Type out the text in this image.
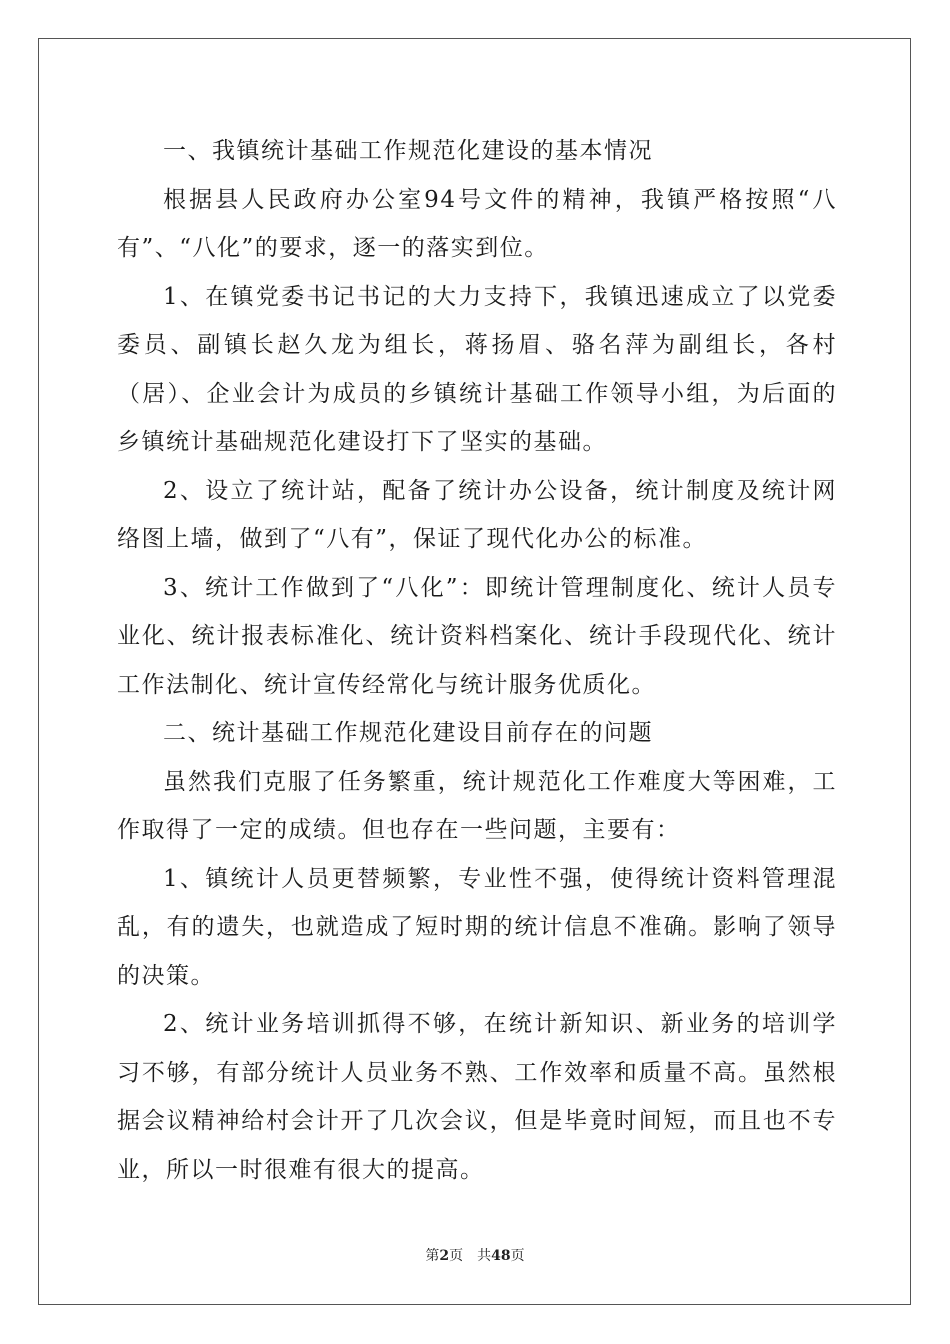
一、我镇统计基础工作规范化建设的基本情况

根据县人民政府办公室94号文件的精神，我镇严格按照“八有”、“八化”的要求，逐一的落实到位。

1、在镇党委书记书记的大力支持下，我镇迅速成立了以党委委员、副镇长赵久龙为组长，蒋扬眉、骆名萍为副组长，各村（居）、企业会计为成员的乡镇统计基础工作领导小组，为后面的乡镇统计基础规范化建设打下了坚实的基础。

2、设立了统计站，配备了统计办公设备，统计制度及统计网络图上墙，做到了“八有”，保证了现代化办公的标准。

3、统计工作做到了“八化”：即统计管理制度化、统计人员专业化、统计报表标准化、统计资料档案化、统计手段现代化、统计工作法制化、统计宣传经常化与统计服务优质化。

二、统计基础工作规范化建设目前存在的问题

虽然我们克服了任务繁重，统计规范化工作难度大等困难，工作取得了一定的成绩。但也存在一些问题，主要有：

1、镇统计人员更替频繁，专业性不强，使得统计资料管理混乱，有的遗失，也就造成了短时期的统计信息不准确。影响了领导的决策。

2、统计业务培训抓得不够，在统计新知识、新业务的培训学习不够，有部分统计人员业务不熟、工作效率和质量不高。虽然根据会议精神给村会计开了几次会议，但是毕竟时间短，而且也不专业，所以一时很难有很大的提高。

第2页 共48页
